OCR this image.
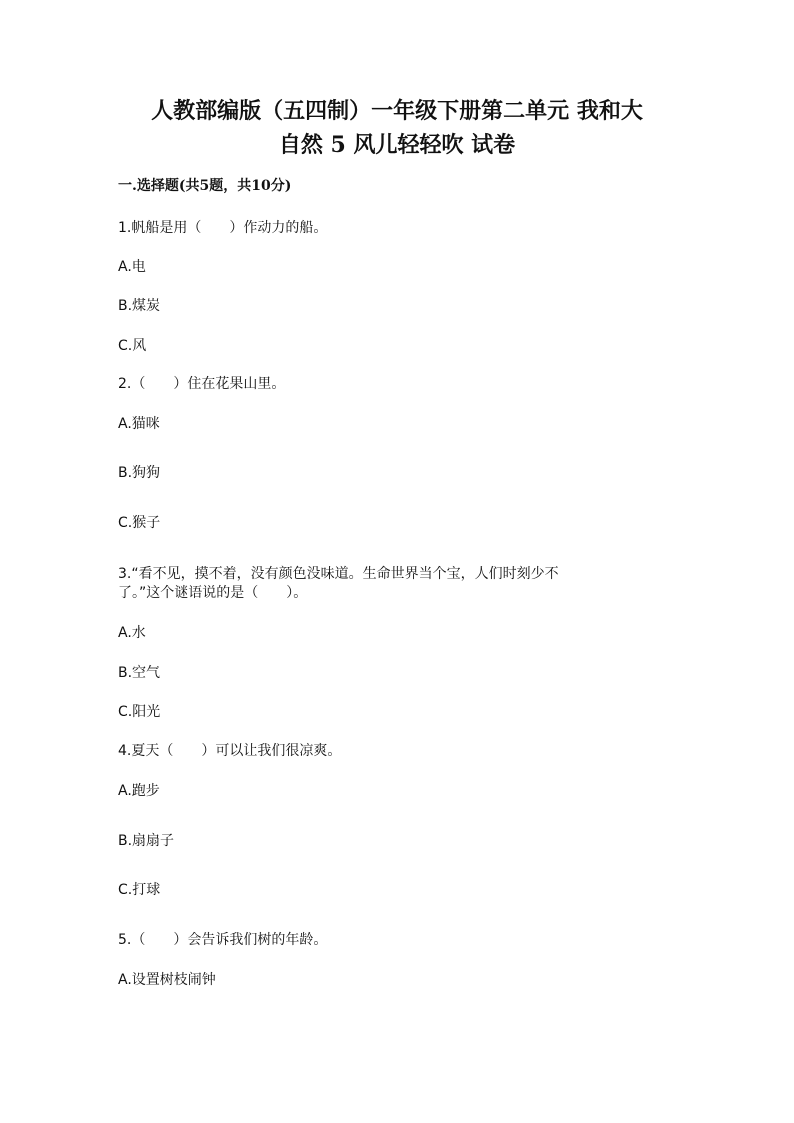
人教部编版（五四制）一年级下册第二单元 我和大
自然 5 风儿轻轻吹 试卷
一.选择题(共5题，共10分)
1.帆船是用（　　）作动力的船。
A.电
B.煤炭
C.风
2.（　　）住在花果山里。
A.猫咪
B.狗狗
C.猴子
3.“看不见，摸不着，没有颜色没味道。生命世界当个宝，人们时刻少不
了。”这个谜语说的是（　　）。
A.水
B.空气
C.阳光
4.夏天（　　）可以让我们很凉爽。
A.跑步
B.扇扇子
C.打球
5.（　　）会告诉我们树的年龄。
A.设置树枝闹钟
